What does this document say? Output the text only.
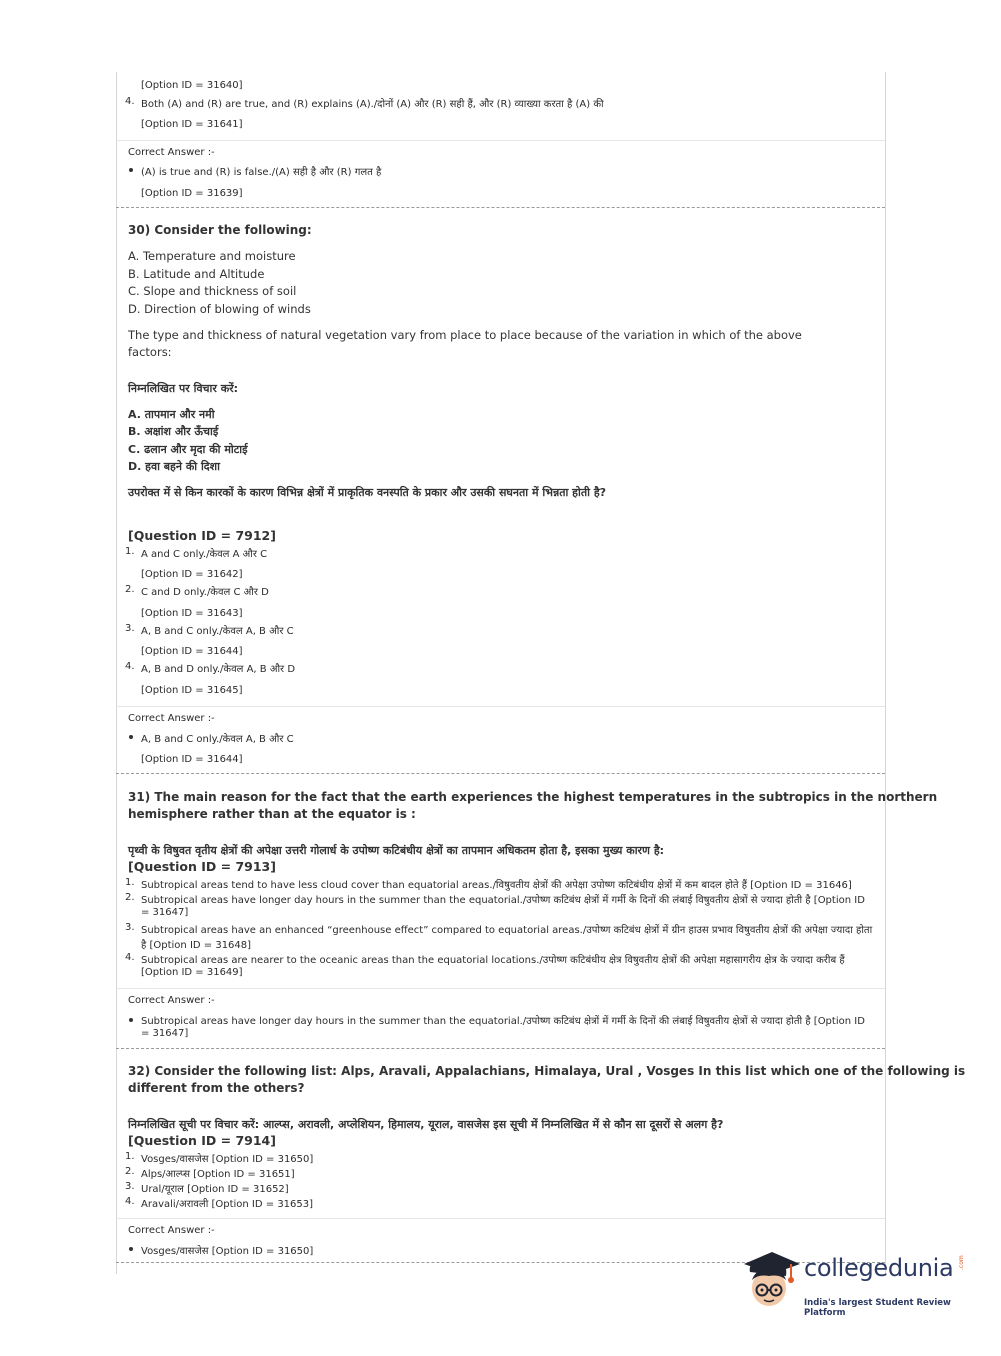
[Option ID = 31640]
4. Both (A) and (R) are true, and (R) explains (A)./दोनों (A) और (R) सही हैं, और (R) व्याख्या करता है (A) की
[Option ID = 31641]
Correct Answer :-
(A) is true and (R) is false./(A) सही है और (R) गलत है
[Option ID = 31639]
30) Consider the following:
A. Temperature and moisture
B. Latitude and Altitude
C. Slope and thickness of soil
D. Direction of blowing of winds
The type and thickness of natural vegetation vary from place to place because of the variation in which of the above
factors:
निम्नलिखित पर विचार करें:
A. तापमान और नमी
B. अक्षांश और ऊँचाई
C. ढलान और मृदा की मोटाई
D. हवा बहने की दिशा
उपरोक्त में से किन कारकों के कारण विभिन्न क्षेत्रों में प्राकृतिक वनस्पति के प्रकार और उसकी सघनता में भिन्नता होती है?
[Question ID = 7912]
1. A and C only./केवल A और C
[Option ID = 31642]
2. C and D only./केवल C और D
[Option ID = 31643]
3. A, B and C only./केवल A, B और C
[Option ID = 31644]
4. A, B and D only./केवल A, B और D
[Option ID = 31645]
Correct Answer :-
A, B and C only./केवल A, B और C
[Option ID = 31644]
31) The main reason for the fact that the earth experiences the highest temperatures in the subtropics in the northern
hemisphere rather than at the equator is :
पृथ्वी के विषुवत वृतीय क्षेत्रों की अपेक्षा उत्तरी गोलार्ध के उपोष्ण कटिबंधीय क्षेत्रों का तापमान अधिकतम होता है, इसका मुख्य कारण है:
[Question ID = 7913]
1. Subtropical areas tend to have less cloud cover than equatorial areas./विषुवतीय क्षेत्रों की अपेक्षा उपोष्ण कटिबंधीय क्षेत्रों में कम बादल होते हैं [Option ID = 31646]
2. Subtropical areas have longer day hours in the summer than the equatorial./उपोष्ण कटिबंध क्षेत्रों में गर्मी के दिनों की लंबाई विषुवतीय क्षेत्रों से ज्यादा होती है [Option ID
= 31647]
3. Subtropical areas have an enhanced “greenhouse effect” compared to equatorial areas./उपोष्ण कटिबंध क्षेत्रों में ग्रीन हाउस प्रभाव विषुवतीय क्षेत्रों की अपेक्षा ज्यादा होता
है [Option ID = 31648]
4. Subtropical areas are nearer to the oceanic areas than the equatorial locations./उपोष्ण कटिबंधीय क्षेत्र विषुवतीय क्षेत्रों की अपेक्षा महासागरीय क्षेत्र के ज्यादा करीब हैं
[Option ID = 31649]
Correct Answer :-
Subtropical areas have longer day hours in the summer than the equatorial./उपोष्ण कटिबंध क्षेत्रों में गर्मी के दिनों की लंबाई विषुवतीय क्षेत्रों से ज्यादा होती है [Option ID
= 31647]
32) Consider the following list: Alps, Aravali, Appalachians, Himalaya, Ural , Vosges In this list which one of the following is
different from the others?
निम्नलिखित सूची पर विचार करें: आल्प्स, अरावली, अप्लेशियन, हिमालय, यूराल, वासजेस इस सूची में निम्नलिखित में से कौन सा दूसरों से अलग है?
[Question ID = 7914]
1. Vosges/वासजेस [Option ID = 31650]
2. Alps/आल्प्स [Option ID = 31651]
3. Ural/यूराल [Option ID = 31652]
4. Aravali/अरावली [Option ID = 31653]
Correct Answer :-
Vosges/वासजेस [Option ID = 31650]
collegedunia .com
India's largest Student Review Platform
